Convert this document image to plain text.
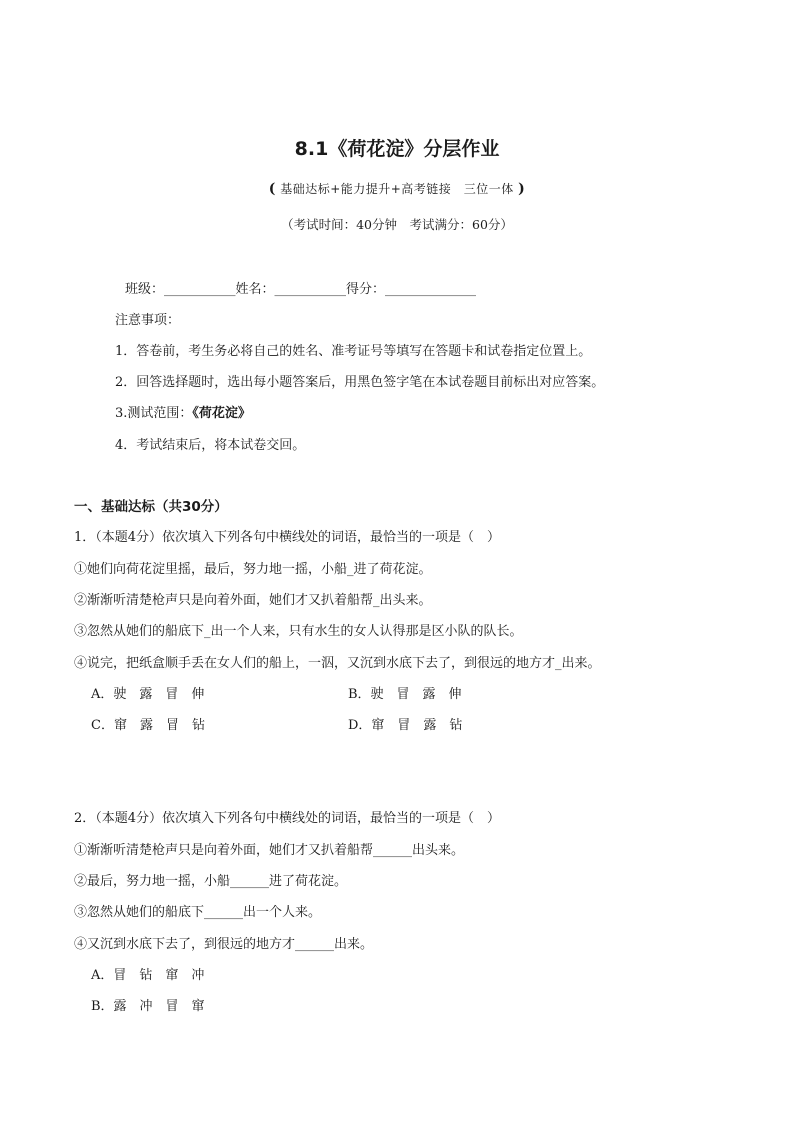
8.1《荷花淀》分层作业
( 基础达标+能力提升+高考链接　三位一体 )
（考试时间：40分钟　考试满分：60分）
班级：___________姓名：___________得分：______________
注意事项：
1．答卷前，考生务必将自己的姓名、准考证号等填写在答题卡和试卷指定位置上。
2．回答选择题时，选出每小题答案后，用黑色签字笔在本试卷题目前标出对应答案。
3.测试范围：《荷花淀》
4．考试结束后，将本试卷交回。
一、基础达标（共30分）
1．（本题4分）依次填入下列各句中横线处的词语，最恰当的一项是（　）
①她们向荷花淀里摇，最后，努力地一摇，小船_进了荷花淀。
②渐渐听清楚枪声只是向着外面，她们才又扒着船帮_出头来。
③忽然从她们的船底下_出一个人来，只有水生的女人认得那是区小队的队长。
④说完，把纸盒顺手丢在女人们的船上，一泅，又沉到水底下去了，到很远的地方才_出来。
A．驶　露　冒　伸	B．驶　冒　露　伸
C．窜　露　冒　钻	D．窜　冒　露　钻
2．（本题4分）依次填入下列各句中横线处的词语，最恰当的一项是（　）
①渐渐听清楚枪声只是向着外面，她们才又扒着船帮______出头来。
②最后，努力地一摇，小船______进了荷花淀。
③忽然从她们的船底下______出一个人来。
④又沉到水底下去了，到很远的地方才______出来。
A．冒　钻　窜　冲
B．露　冲　冒　窜
